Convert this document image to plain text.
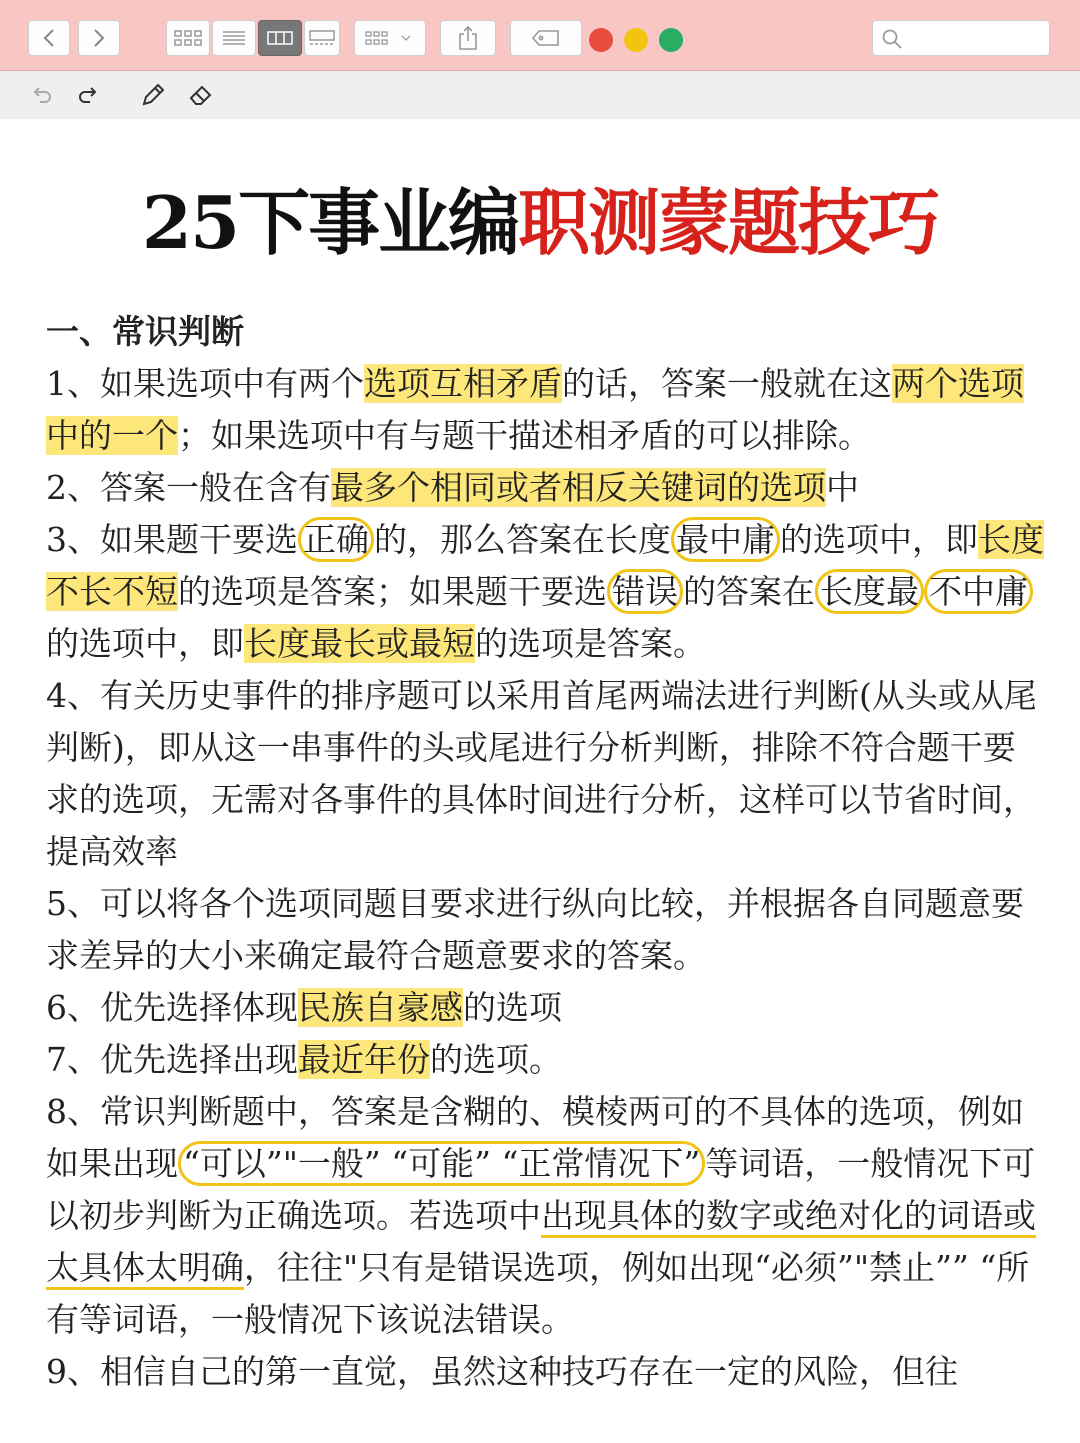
25下事业编职测蒙题技巧

一、常识判断

1、如果选项中有两个选项互相矛盾的话，答案一般就在这两个选项中的一个；如果选项中有与题干描述相矛盾的可以排除。

2、答案一般在含有最多个相同或者相反关键词的选项中

3、如果题干要选 正确 的，那么答案在长度 最中庸 的选项中，即长度不长不短的选项是答案；如果题干要选 错误 的答案在 长度最 不中庸的选项中，即长度最长或最短的选项是答案。

4、有关历史事件的排序题可以采用首尾两端法进行判断(从头或从尾判断)，即从这一串事件的头或尾进行分析判断，排除不符合题干要求的选项，无需对各事件的具体时间进行分析，这样可以节省时间，提高效率

5、可以将各个选项同题目要求进行纵向比较，并根据各自同题意要求差异的大小来确定最符合题意要求的答案。

6、优先选择体现民族自豪感的选项

7、优先选择出现最近年份的选项。

8、常识判断题中，答案是含糊的、模棱两可的不具体的选项，例如如果出现 “可以”"一般” “可能” “正常情况下” 等词语，一般情况下可以初步判断为正确选项。若选项中出现具体的数字或绝对化的词语或太具体太明确，往往"只有是错误选项，例如出现“必须”"禁止”” “所有等词语，一般情况下该说法错误。

9、相信自己的第一直觉，虽然这种技巧存在一定的风险，但往
